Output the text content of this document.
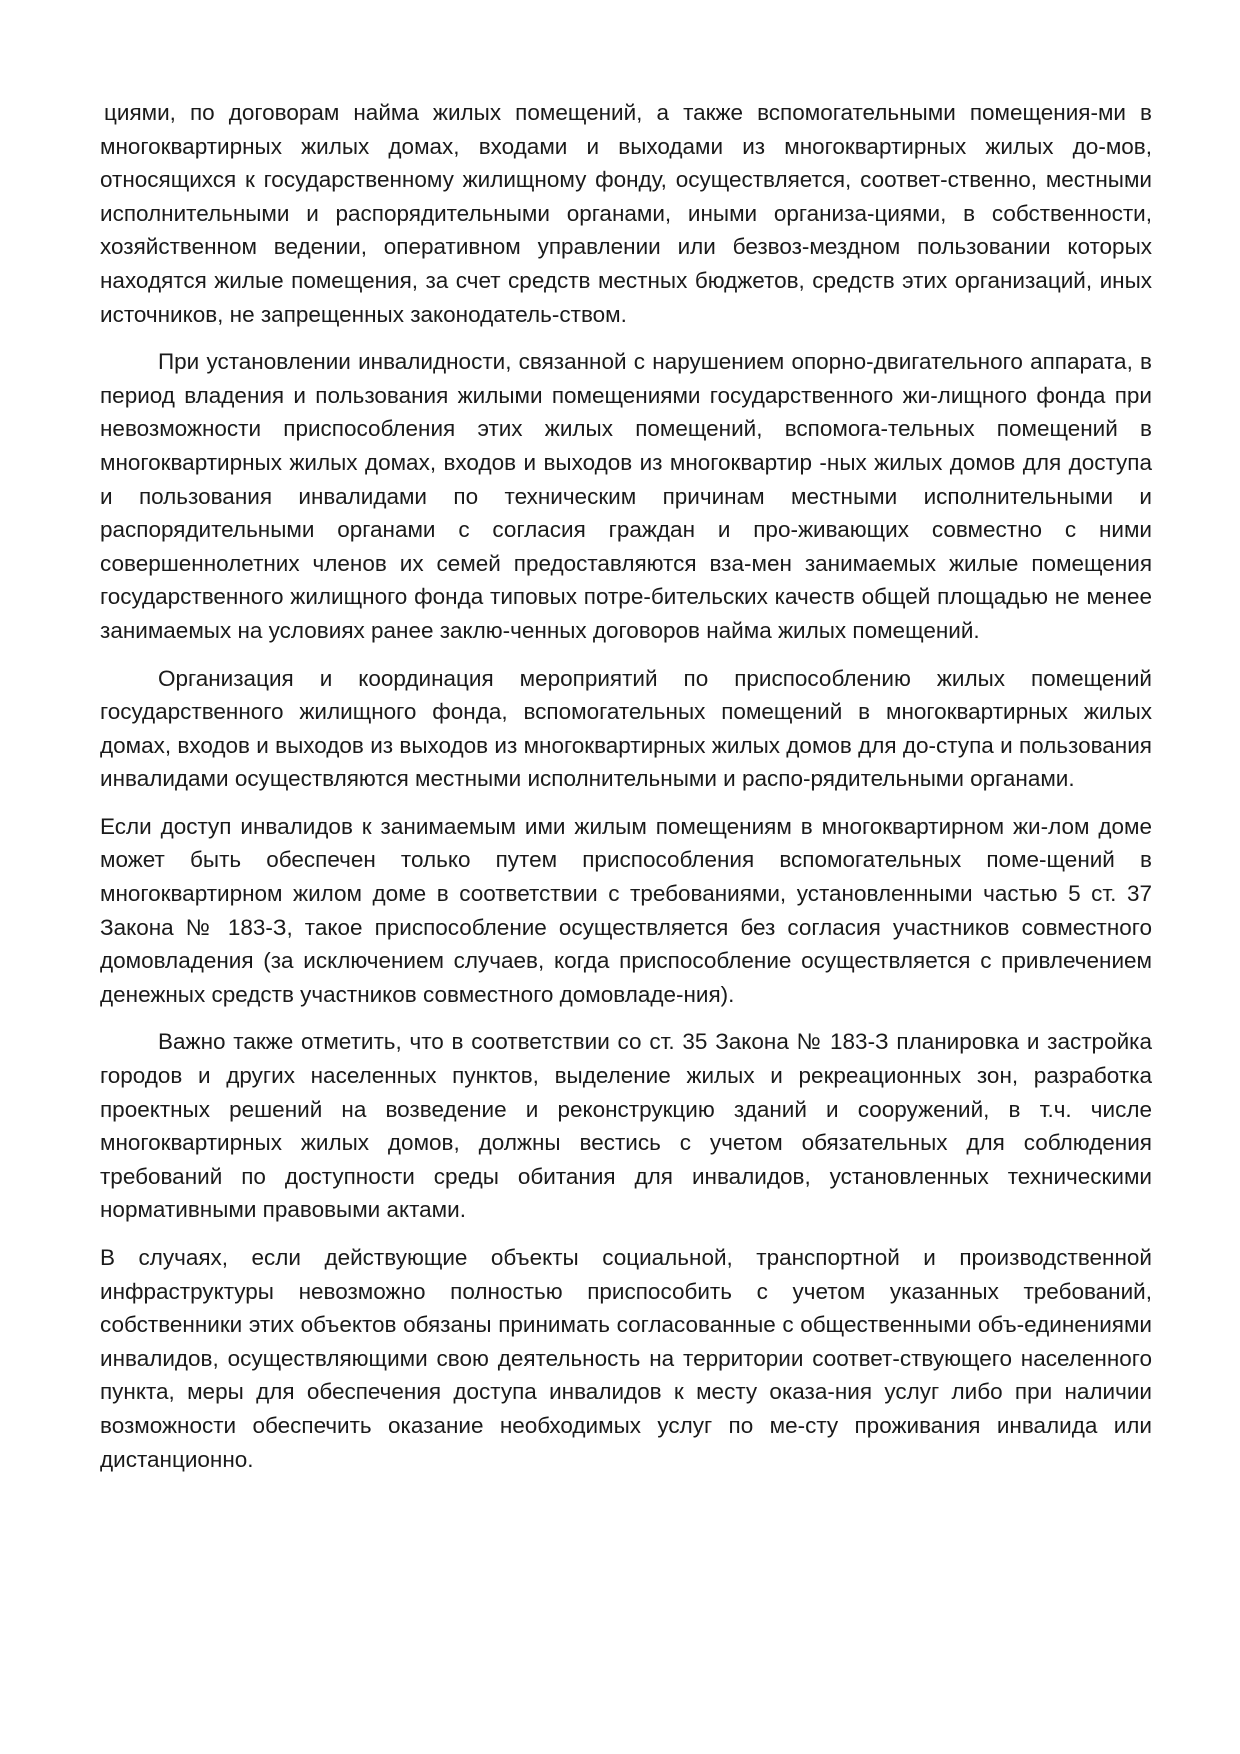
циями, по договорам найма жилых помещений, а также вспомогательными помещения-ми в многоквартирных жилых домах, входами и выходами из многоквартирных жилых до-мов, относящихся к государственному жилищному фонду, осуществляется, соответ-ственно, местными исполнительными и распорядительными органами, иными организа-циями, в собственности, хозяйственном ведении, оперативном управлении или безвоз-мездном пользовании которых находятся жилые помещения, за счет средств местных бюджетов, средств этих организаций, иных источников, не запрещенных законодатель-ством.

При установлении инвалидности, связанной с нарушением опорно-двигательного аппарата, в период владения и пользования жилыми помещениями государственного жи-лищного фонда при невозможности приспособления этих жилых помещений, вспомога-тельных помещений в многоквартирных жилых домах, входов и выходов из многоквартир -ных жилых домов для доступа и пользования инвалидами по техническим причинам местными исполнительными и распорядительными органами с согласия граждан и про-живающих совместно с ними совершеннолетних членов их семей предоставляются вза-мен занимаемых жилые помещения государственного жилищного фонда типовых потре-бительских качеств общей площадью не менее занимаемых на условиях ранее заклю-ченных договоров найма жилых помещений.

Организация и координация мероприятий по приспособлению жилых помещений государственного жилищного фонда, вспомогательных помещений в многоквартирных жилых домах, входов и выходов из выходов из многоквартирных жилых домов для до-ступа и пользования инвалидами осуществляются местными исполнительными и распо-рядительными органами.

Если доступ инвалидов к занимаемым ими жилым помещениям в многоквартирном жи-лом доме может быть обеспечен только путем приспособления вспомогательных поме-щений в многоквартирном жилом доме в соответствии с требованиями, установленными частью 5 ст. 37 Закона № 183-З, такое приспособление осуществляется без согласия участников совместного домовладения (за исключением случаев, когда приспособление осуществляется с привлечением денежных средств участников совместного домовладе-ния).

Важно также отметить, что в соответствии со ст. 35 Закона № 183-З планировка и застройка городов и других населенных пунктов, выделение жилых и рекреационных зон, разработка проектных решений на возведение и реконструкцию зданий и сооружений, в т.ч. числе многоквартирных жилых домов, должны вестись с учетом обязательных для соблюдения требований по доступности среды обитания для инвалидов, установленных техническими нормативными правовыми актами.

В случаях, если действующие объекты социальной, транспортной и производственной инфраструктуры невозможно полностью приспособить с учетом указанных требований, собственники этих объектов обязаны принимать согласованные с общественными объ-единениями инвалидов, осуществляющими свою деятельность на территории соответ-ствующего населенного пункта, меры для обеспечения доступа инвалидов к месту оказа-ния услуг либо при наличии возможности обеспечить оказание необходимых услуг по ме-сту проживания инвалида или дистанционно.
